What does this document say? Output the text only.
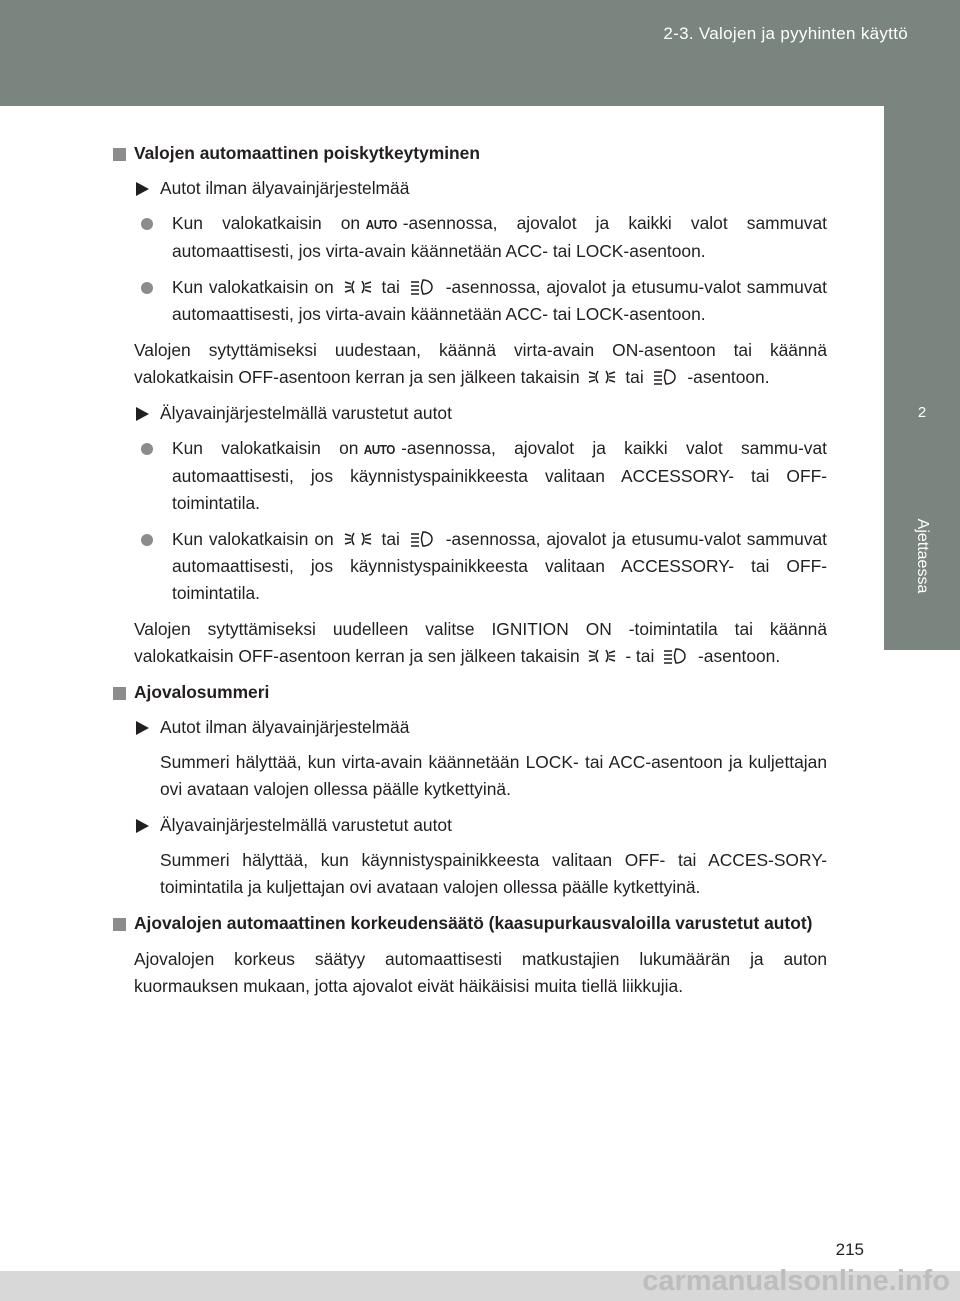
2-3. Valojen ja pyyhinten käyttö
2
Ajettaessa

Valojen automaattinen poiskytkeytyminen

Autot ilman älyavainjärjestelmää

Kun valokatkaisin on AUTO -asennossa, ajovalot ja kaikki valot sammuvat automaattisesti, jos virta-avain käännetään ACC- tai LOCK-asentoon.

Kun valokatkaisin on	tai	-asennossa, ajovalot ja etusumu-valot sammuvat automaattisesti, jos virta-avain käännetään ACC- tai LOCK-asentoon.

Valojen sytyttämiseksi uudestaan, käännä virta-avain ON-asentoon tai käännä valokatkaisin OFF-asentoon kerran ja sen jälkeen takaisin	tai	-asentoon.

Älyavainjärjestelmällä varustetut autot

Kun valokatkaisin on AUTO -asennossa, ajovalot ja kaikki valot sammu-vat automaattisesti, jos käynnistyspainikkeesta valitaan ACCESSORY- tai OFF-toimintatila.

Kun valokatkaisin on	tai	-asennossa, ajovalot ja etusumu-valot sammuvat automaattisesti, jos käynnistyspainikkeesta valitaan ACCESSORY- tai OFF-toimintatila.

Valojen sytyttämiseksi uudelleen valitse IGNITION ON -toimintatila tai käännä valokatkaisin OFF-asentoon kerran ja sen jälkeen takaisin	- tai	-asentoon.

Ajovalosummeri

Autot ilman älyavainjärjestelmää

Summeri hälyttää, kun virta-avain käännetään LOCK- tai ACC-asentoon ja kuljettajan ovi avataan valojen ollessa päälle kytkettyinä.

Älyavainjärjestelmällä varustetut autot

Summeri hälyttää, kun käynnistyspainikkeesta valitaan OFF- tai ACCES-SORY-toimintatila ja kuljettajan ovi avataan valojen ollessa päälle kytkettyinä.

Ajovalojen automaattinen korkeudensäätö (kaasupurkausvaloilla varustetut autot)

Ajovalojen korkeus säätyy automaattisesti matkustajien lukumäärän ja auton kuormauksen mukaan, jotta ajovalot eivät häikäisisi muita tiellä liikkujia.

215
carmanualsonline.info
